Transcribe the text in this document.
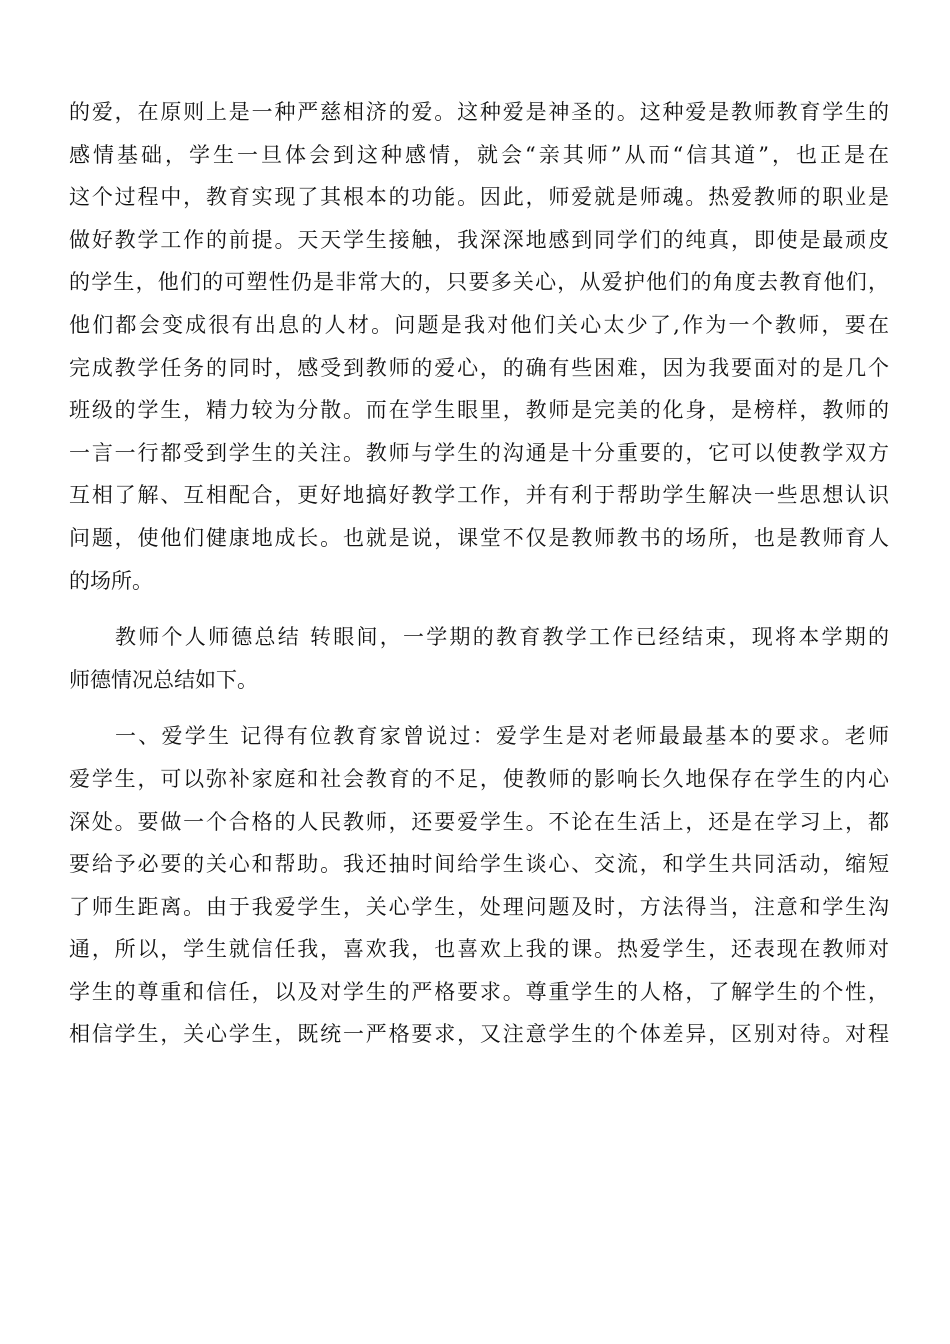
的爱，在原则上是一种严慈相济的爱。这种爱是神圣的。这种爱是教师教育学生的
感情基础，学生一旦体会到这种感情，就会“亲其师”从而“信其道”，也正是在
这个过程中，教育实现了其根本的功能。因此，师爱就是师魂。热爱教师的职业是
做好教学工作的前提。天天学生接触，我深深地感到同学们的纯真，即使是最顽皮
的学生，他们的可塑性仍是非常大的，只要多关心，从爱护他们的角度去教育他们，
他们都会变成很有出息的人材。问题是我对他们关心太少了,作为一个教师，要在
完成教学任务的同时，感受到教师的爱心，的确有些困难，因为我要面对的是几个
班级的学生，精力较为分散。而在学生眼里，教师是完美的化身，是榜样，教师的
一言一行都受到学生的关注。教师与学生的沟通是十分重要的，它可以使教学双方
互相了解、互相配合，更好地搞好教学工作，并有利于帮助学生解决一些思想认识
问题，使他们健康地成长。也就是说，课堂不仅是教师教书的场所，也是教师育人
的场所。
教师个人师德总结 转眼间，一学期的教育教学工作已经结束，现将本学期的
师德情况总结如下。
一、爱学生 记得有位教育家曾说过：爱学生是对老师最最基本的要求。老师
爱学生，可以弥补家庭和社会教育的不足，使教师的影响长久地保存在学生的内心
深处。要做一个合格的人民教师，还要爱学生。不论在生活上，还是在学习上，都
要给予必要的关心和帮助。我还抽时间给学生谈心、交流，和学生共同活动，缩短
了师生距离。由于我爱学生，关心学生，处理问题及时，方法得当，注意和学生沟
通，所以，学生就信任我，喜欢我，也喜欢上我的课。热爱学生，还表现在教师对
学生的尊重和信任，以及对学生的严格要求。尊重学生的人格，了解学生的个性，
相信学生，关心学生，既统一严格要求，又注意学生的个体差异，区别对待。对程
